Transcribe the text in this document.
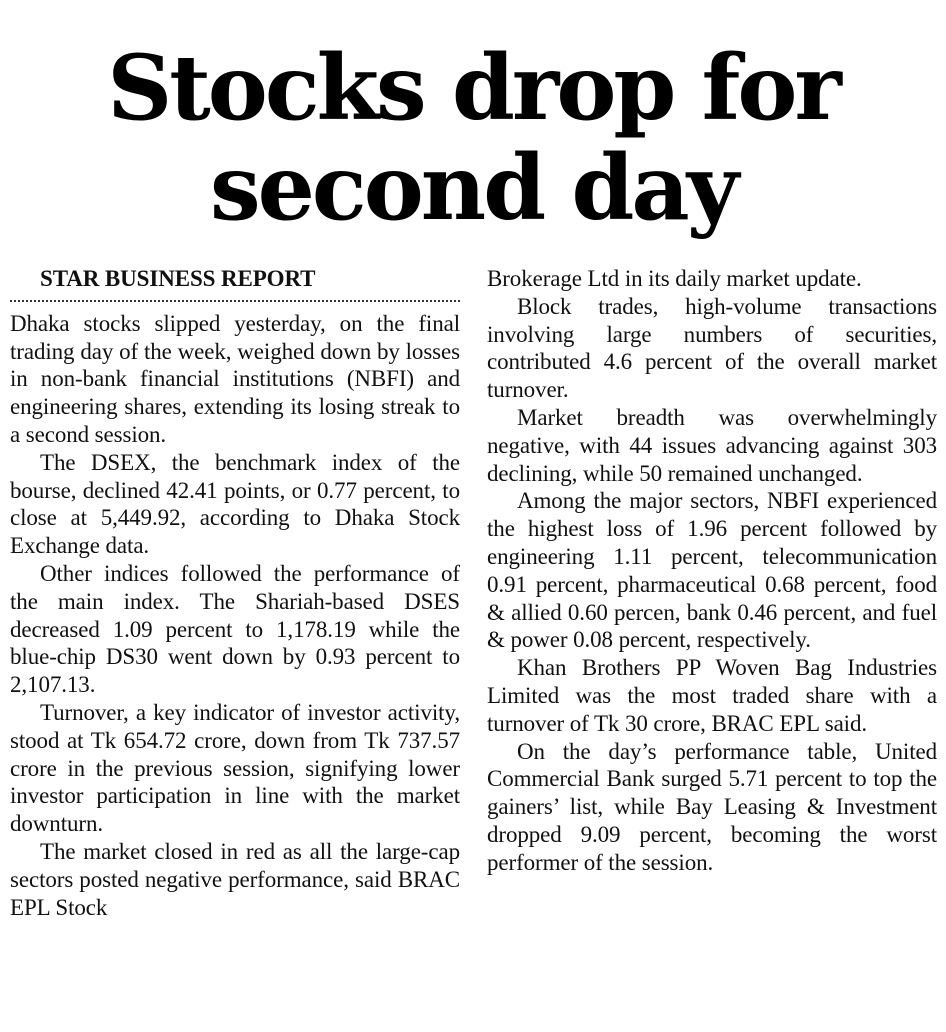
Stocks drop for
second day

STAR BUSINESS REPORT

Dhaka stocks slipped yesterday, on the final trading day of the week, weighed down by losses in non-bank financial institutions (NBFI) and engineering shares, extending its losing streak to a second session.

The DSEX, the benchmark index of the bourse, declined 42.41 points, or 0.77 percent, to close at 5,449.92, according to Dhaka Stock Exchange data.

Other indices followed the performance of the main index. The Shariah-based DSES decreased 1.09 percent to 1,178.19 while the blue-chip DS30 went down by 0.93 percent to 2,107.13.

Turnover, a key indicator of investor activity, stood at Tk 654.72 crore, down from Tk 737.57 crore in the previous session, signifying lower investor participation in line with the market downturn.

The market closed in red as all the large-cap sectors posted negative performance, said BRAC EPL Stock

Brokerage Ltd in its daily market update.

Block trades, high-volume transactions involving large numbers of securities, contributed 4.6 percent of the overall market turnover.

Market breadth was overwhelmingly negative, with 44 issues advancing against 303 declining, while 50 remained unchanged.

Among the major sectors, NBFI experienced the highest loss of 1.96 percent followed by engineering 1.11 percent, telecommunication 0.91 percent, pharmaceutical 0.68 percent, food & allied 0.60 percen, bank 0.46 percent, and fuel & power 0.08 percent, respectively.

Khan Brothers PP Woven Bag Industries Limited was the most traded share with a turnover of Tk 30 crore, BRAC EPL said.

On the day’s performance table, United Commercial Bank surged 5.71 percent to top the gainers’ list, while Bay Leasing & Investment dropped 9.09 percent, becoming the worst performer of the session.
